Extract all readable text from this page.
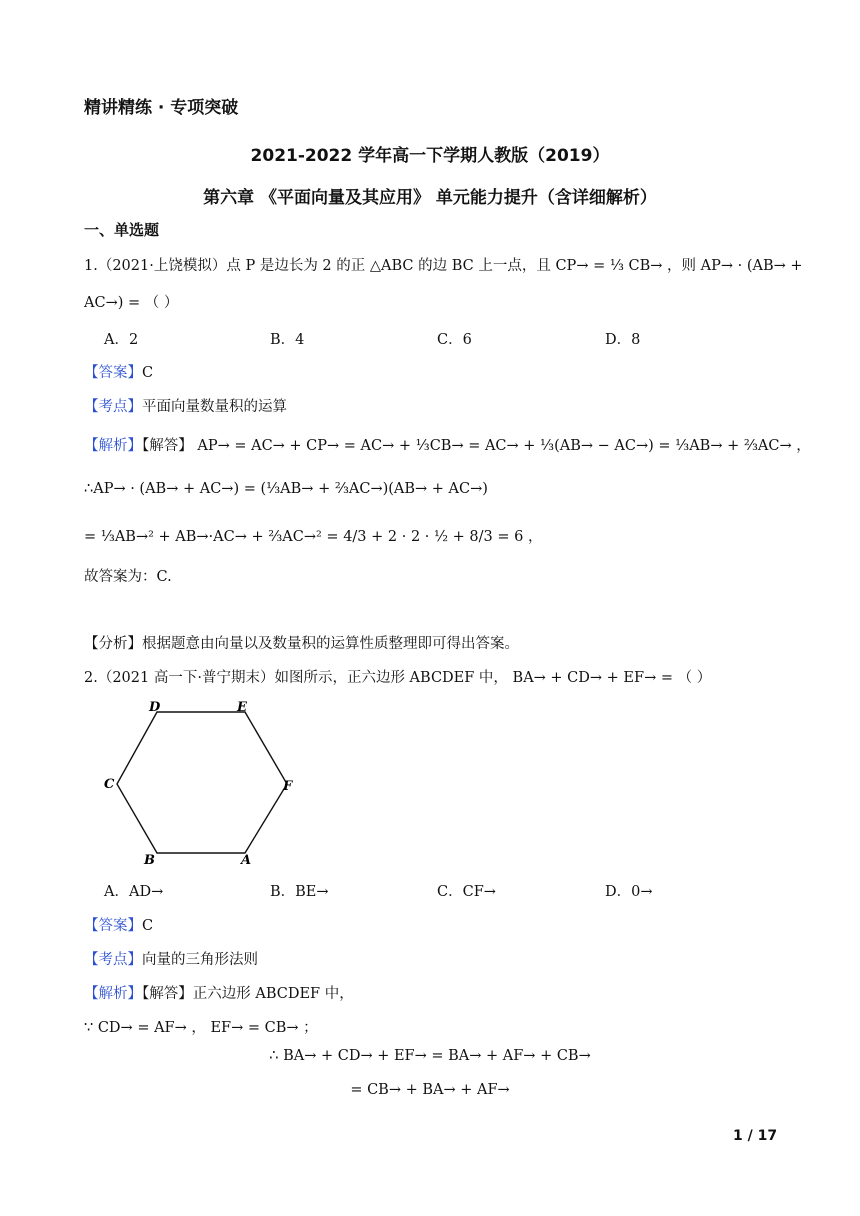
精讲精练 · 专项突破
2021-2022 学年高一下学期人教版（2019）
第六章 《平面向量及其应用》 单元能力提升（含详细解析）
一、单选题
1.（2021·上饶模拟）点 P 是边长为 2 的正 △ABC 的边 BC 上一点，且 CP→ = ⅓ CB→ ，则 AP→ · (AB→ +
AC→) = （ ）
A．2	B．4	C．6	D．8
【答案】C
【考点】平面向量数量积的运算
【解析】【解答】 AP→ = AC→ + CP→ = AC→ + ⅓CB→ = AC→ + ⅓(AB→ − AC→) = ⅓AB→ + ⅔AC→ ，
∴AP→ · (AB→ + AC→) = (⅓AB→ + ⅔AC→)(AB→ + AC→)
= ⅓AB→² + AB→·AC→ + ⅔AC→² = 4/3 + 2 · 2 · ½ + 8/3 = 6 ，
故答案为：C.
【分析】根据题意由向量以及数量积的运算性质整理即可得出答案。
2.（2021 高一下·普宁期末）如图所示，正六边形 ABCDEF 中， BA→ + CD→ + EF→ = （ ）
D	E
C	F
B	A
A．AD→	B．BE→	C．CF→	D．0→
【答案】C
【考点】向量的三角形法则
【解析】【解答】正六边形 ABCDEF 中，
∵ CD→ = AF→ ， EF→ = CB→ ；
∴ BA→ + CD→ + EF→ = BA→ + AF→ + CB→
= CB→ + BA→ + AF→
1 / 17
